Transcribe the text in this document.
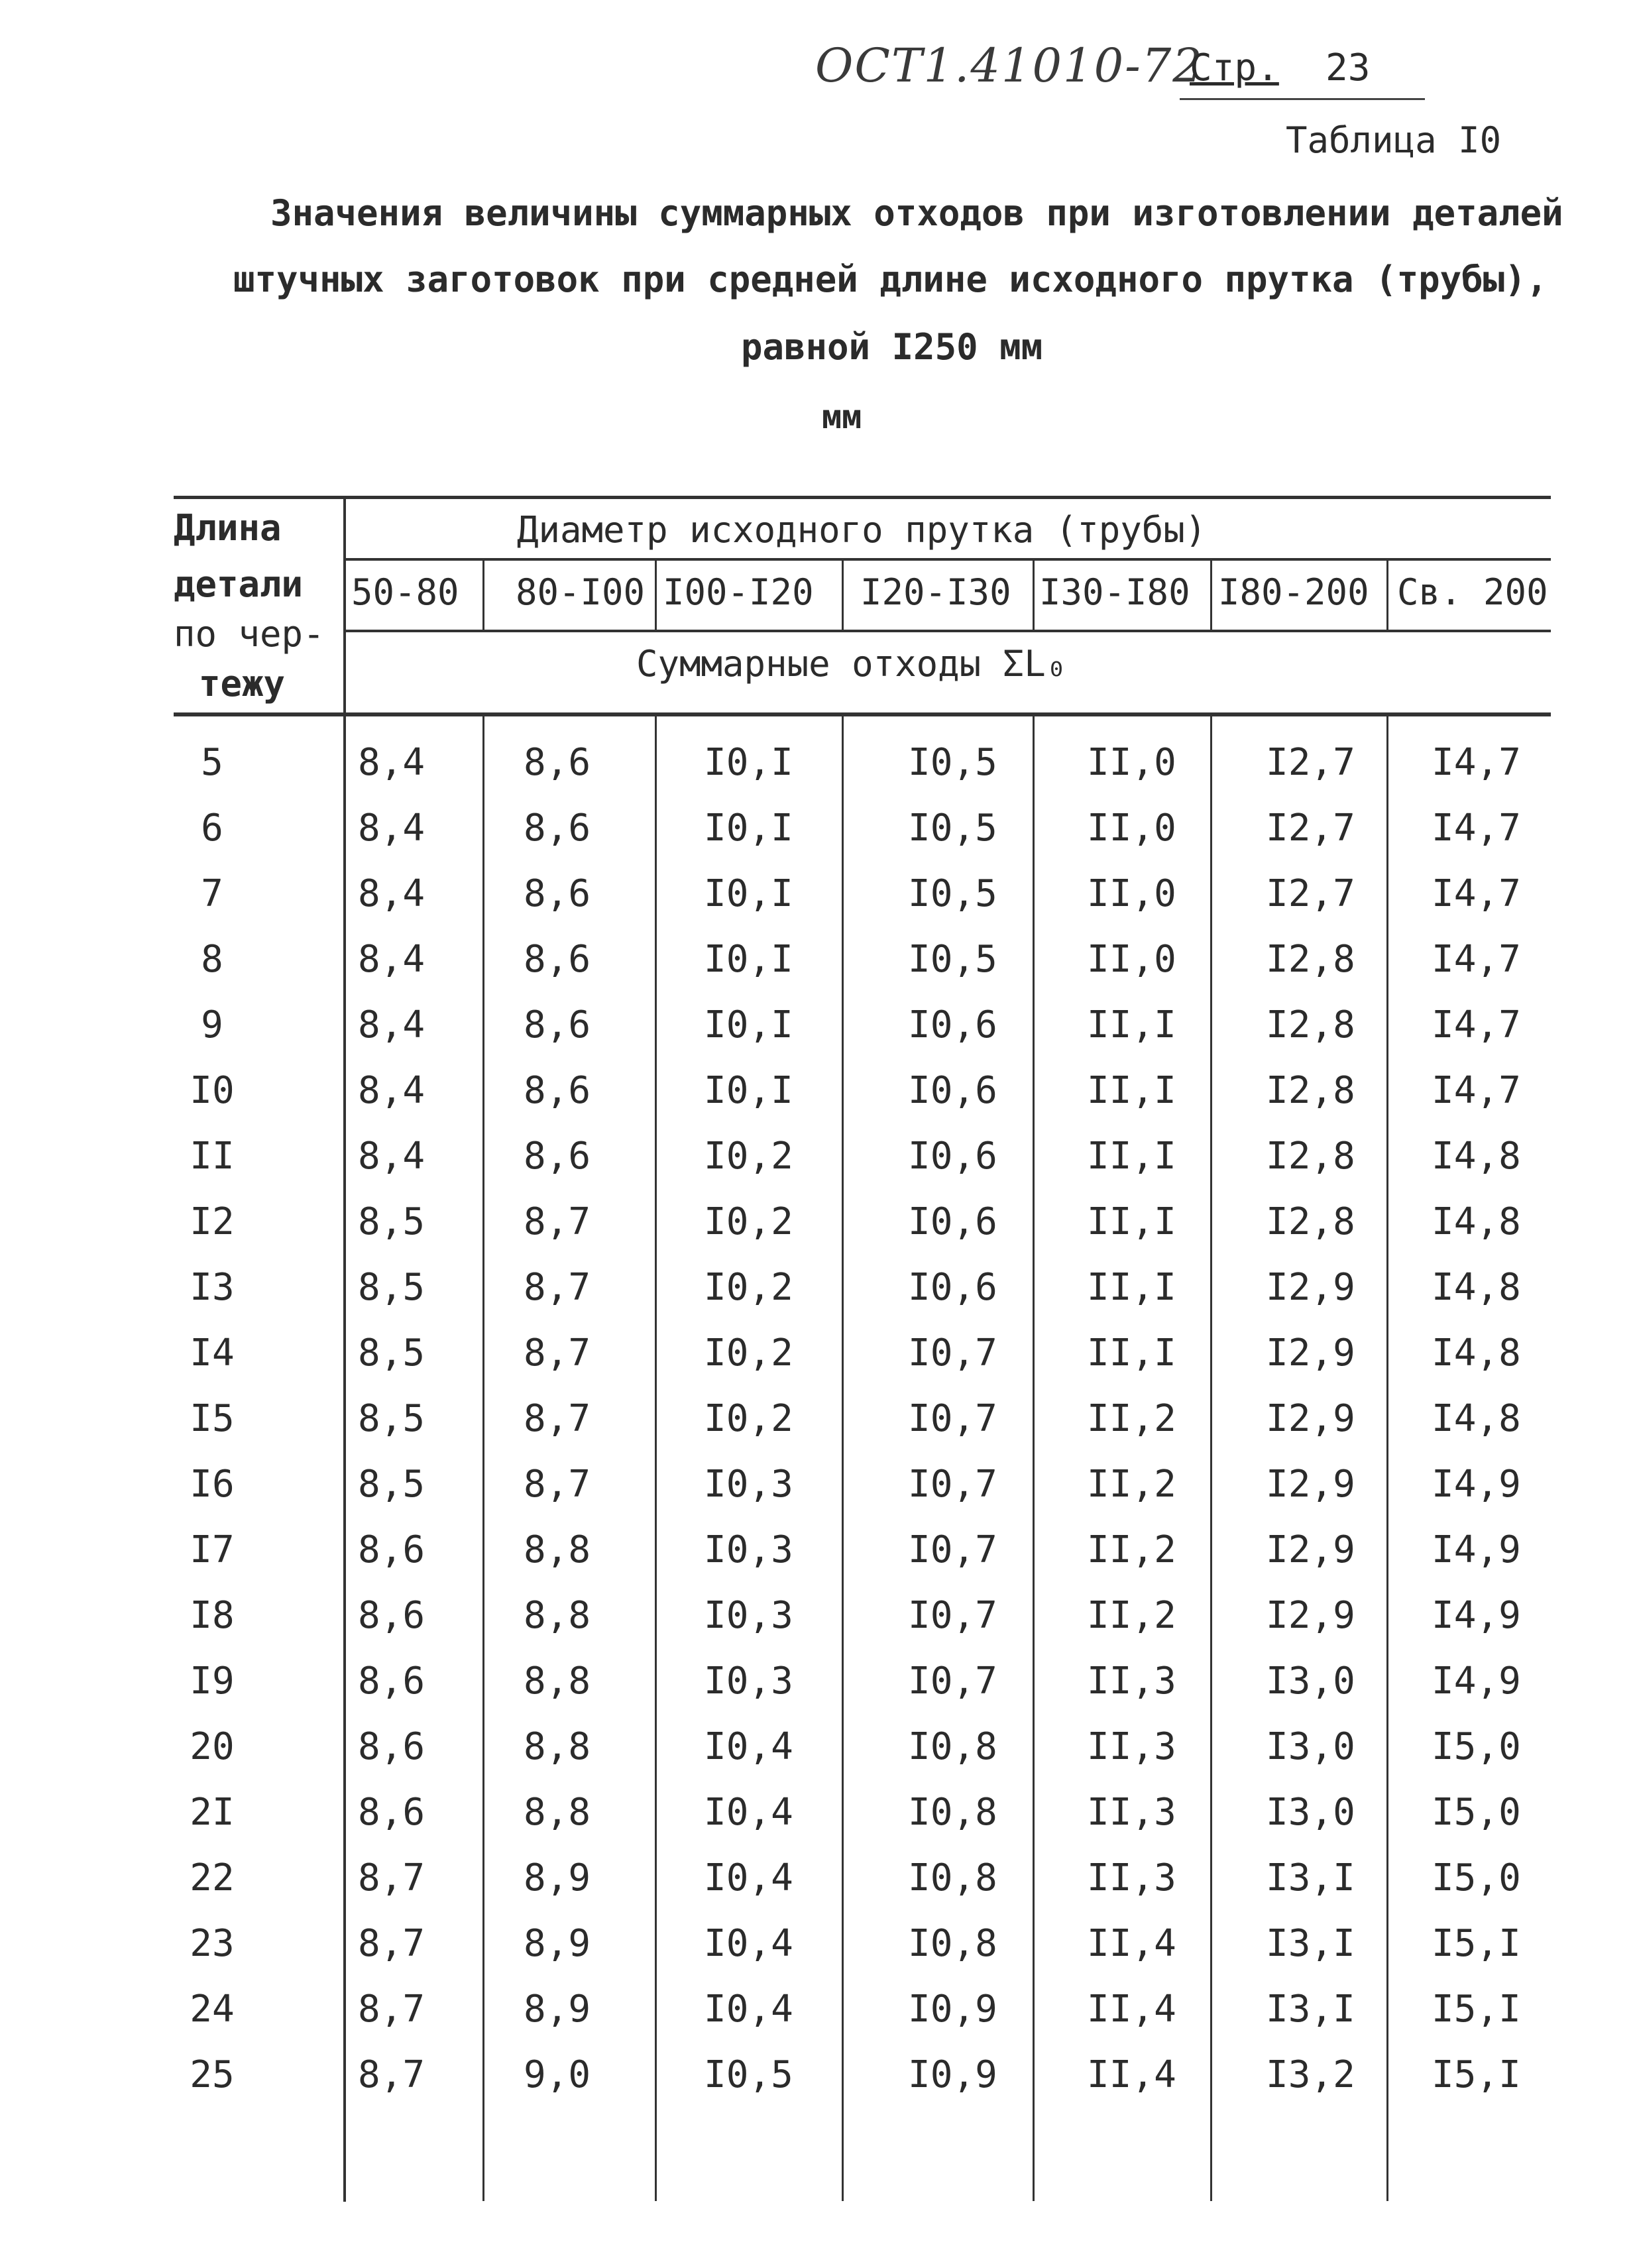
ОСТ1.41010-72
Стр. 23
Таблица I0
Значения величины суммарных отходов при изготовлении деталей
штучных заготовок при средней длине исходного прутка (трубы),
равной I250 мм
мм
Длина
детали
по чер-
тежу
Диаметр исходного прутка (трубы)
50-80 80-I00 I00-I20 I20-I30 I30-I80 I80-200 Св. 200
Суммарные отходы ΣL₀
5	8,4	8,6	I0,I	I0,5 II,0 I2,7 I4,7
6	8,4	8,6	I0,I	I0,5 II,0 I2,7 I4,7
7	8,4	8,6	I0,I	I0,5 II,0 I2,7 I4,7
8	8,4	8,6	I0,I	I0,5 II,0 I2,8 I4,7
9	8,4	8,6	I0,I	I0,6 II,I I2,8 I4,7
I0	8,4	8,6	I0,I	I0,6 II,I I2,8 I4,7
II	8,4	8,6	I0,2	I0,6 II,I I2,8 I4,8
I2	8,5	8,7	I0,2	I0,6 II,I I2,8 I4,8
I3	8,5	8,7	I0,2	I0,6 II,I I2,9 I4,8
I4	8,5	8,7	I0,2	I0,7 II,I I2,9 I4,8
I5	8,5	8,7	I0,2	I0,7 II,2 I2,9 I4,8
I6	8,5	8,7	I0,3	I0,7 II,2 I2,9 I4,9
I7	8,6	8,8	I0,3	I0,7 II,2 I2,9 I4,9
I8	8,6	8,8	I0,3	I0,7 II,2 I2,9 I4,9
I9	8,6	8,8	I0,3	I0,7 II,3 I3,0 I4,9
20	8,6	8,8	I0,4	I0,8 II,3 I3,0 I5,0
2I	8,6	8,8	I0,4	I0,8 II,3 I3,0 I5,0
22	8,7	8,9	I0,4	I0,8 II,3 I3,I I5,0
23	8,7	8,9	I0,4	I0,8 II,4 I3,I I5,I
24	8,7	8,9	I0,4	I0,9 II,4 I3,I I5,I
25	8,7	9,0	I0,5	I0,9 II,4 I3,2 I5,I
